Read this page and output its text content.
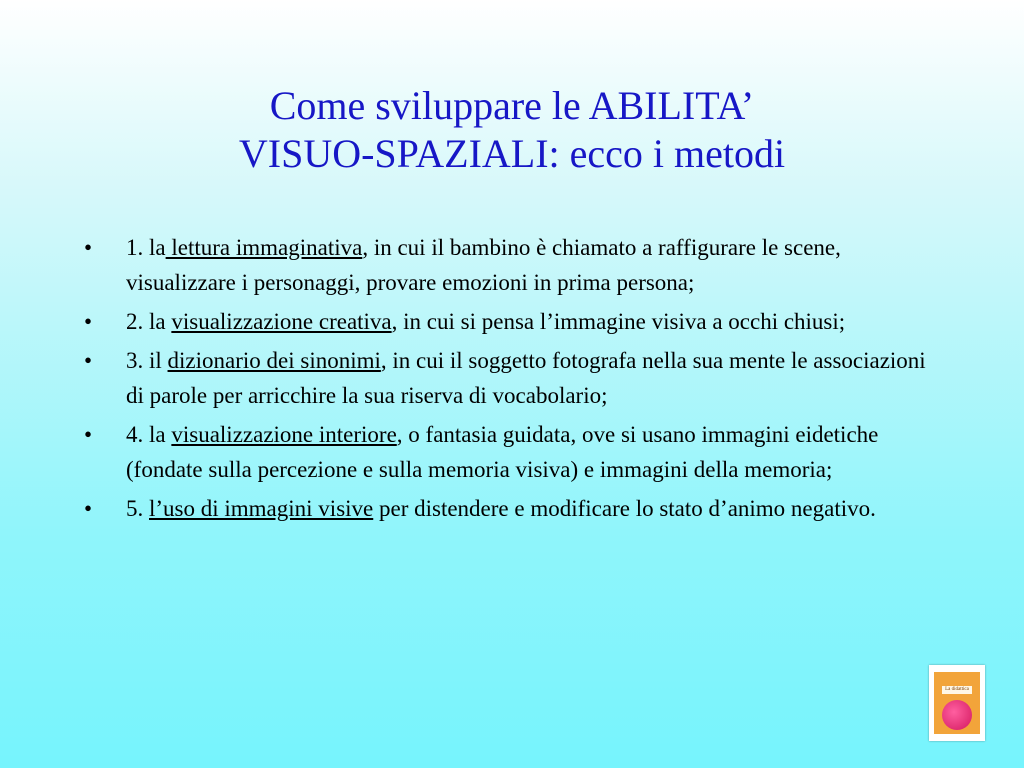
Come sviluppare le ABILITA’
VISUO-SPAZIALI: ecco i metodi
• 1. la lettura immaginativa, in cui il bambino è chiamato a raffigurare le scene, visualizzare i personaggi, provare emozioni in prima persona;
• 2. la visualizzazione creativa, in cui si pensa l’immagine visiva a occhi chiusi;
• 3. il dizionario dei sinonimi, in cui il soggetto fotografa nella sua mente le associazioni di parole per arricchire la sua riserva di vocabolario;
• 4. la visualizzazione interiore, o fantasia guidata, ove si usano immagini eidetiche (fondate sulla percezione e sulla memoria visiva) e immagini della memoria;
• 5. l’uso di immagini visive per distendere e modificare lo stato d’animo negativo.
La didattica
